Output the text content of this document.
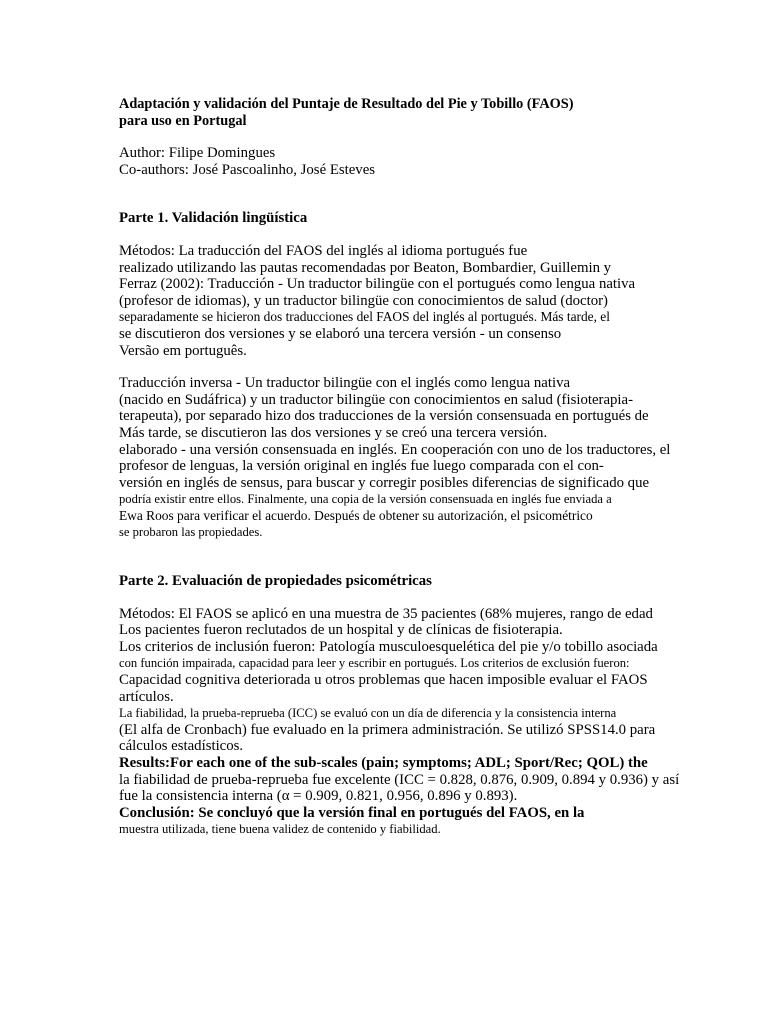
Adaptación y validación del Puntaje de Resultado del Pie y Tobillo (FAOS)
para uso en Portugal
Author: Filipe Domingues
Co-authors: José Pascoalinho, José Esteves
Parte 1. Validación lingüística
Métodos: La traducción del FAOS del inglés al idioma portugués fue
realizado utilizando las pautas recomendadas por Beaton, Bombardier, Guillemin y
Ferraz (2002): Traducción - Un traductor bilingüe con el portugués como lengua nativa
(profesor de idiomas), y un traductor bilingüe con conocimientos de salud (doctor)
separadamente se hicieron dos traducciones del FAOS del inglés al portugués. Más tarde, el
se discutieron dos versiones y se elaboró una tercera versión - un consenso
Versão em português.
Traducción inversa - Un traductor bilingüe con el inglés como lengua nativa
(nacido en Sudáfrica) y un traductor bilingüe con conocimientos en salud (fisioterapia-
terapeuta), por separado hizo dos traducciones de la versión consensuada en portugués de
Más tarde, se discutieron las dos versiones y se creó una tercera versión.
elaborado - una versión consensuada en inglés. En cooperación con uno de los traductores, el
profesor de lenguas, la versión original en inglés fue luego comparada con el con-
versión en inglés de sensus, para buscar y corregir posibles diferencias de significado que
podría existir entre ellos. Finalmente, una copia de la versión consensuada en inglés fue enviada a
Ewa Roos para verificar el acuerdo. Después de obtener su autorización, el psicométrico
se probaron las propiedades.
Parte 2. Evaluación de propiedades psicométricas
Métodos: El FAOS se aplicó en una muestra de 35 pacientes (68% mujeres, rango de edad
Los pacientes fueron reclutados de un hospital y de clínicas de fisioterapia.
Los criterios de inclusión fueron: Patología musculoesquelética del pie y/o tobillo asociada
con función impairada, capacidad para leer y escribir en portugués. Los criterios de exclusión fueron:
Capacidad cognitiva deteriorada u otros problemas que hacen imposible evaluar el FAOS
artículos.
La fiabilidad, la prueba-reprueba (ICC) se evaluó con un día de diferencia y la consistencia interna
(El alfa de Cronbach) fue evaluado en la primera administración. Se utilizó SPSS14.0 para
cálculos estadísticos.
Results:For each one of the sub-scales (pain; symptoms; ADL; Sport/Rec; QOL) the
la fiabilidad de prueba-reprueba fue excelente (ICC = 0.828, 0.876, 0.909, 0.894 y 0.936) y así
fue la consistencia interna (α = 0.909, 0.821, 0.956, 0.896 y 0.893).
Conclusión: Se concluyó que la versión final en portugués del FAOS, en la
muestra utilizada, tiene buena validez de contenido y fiabilidad.
